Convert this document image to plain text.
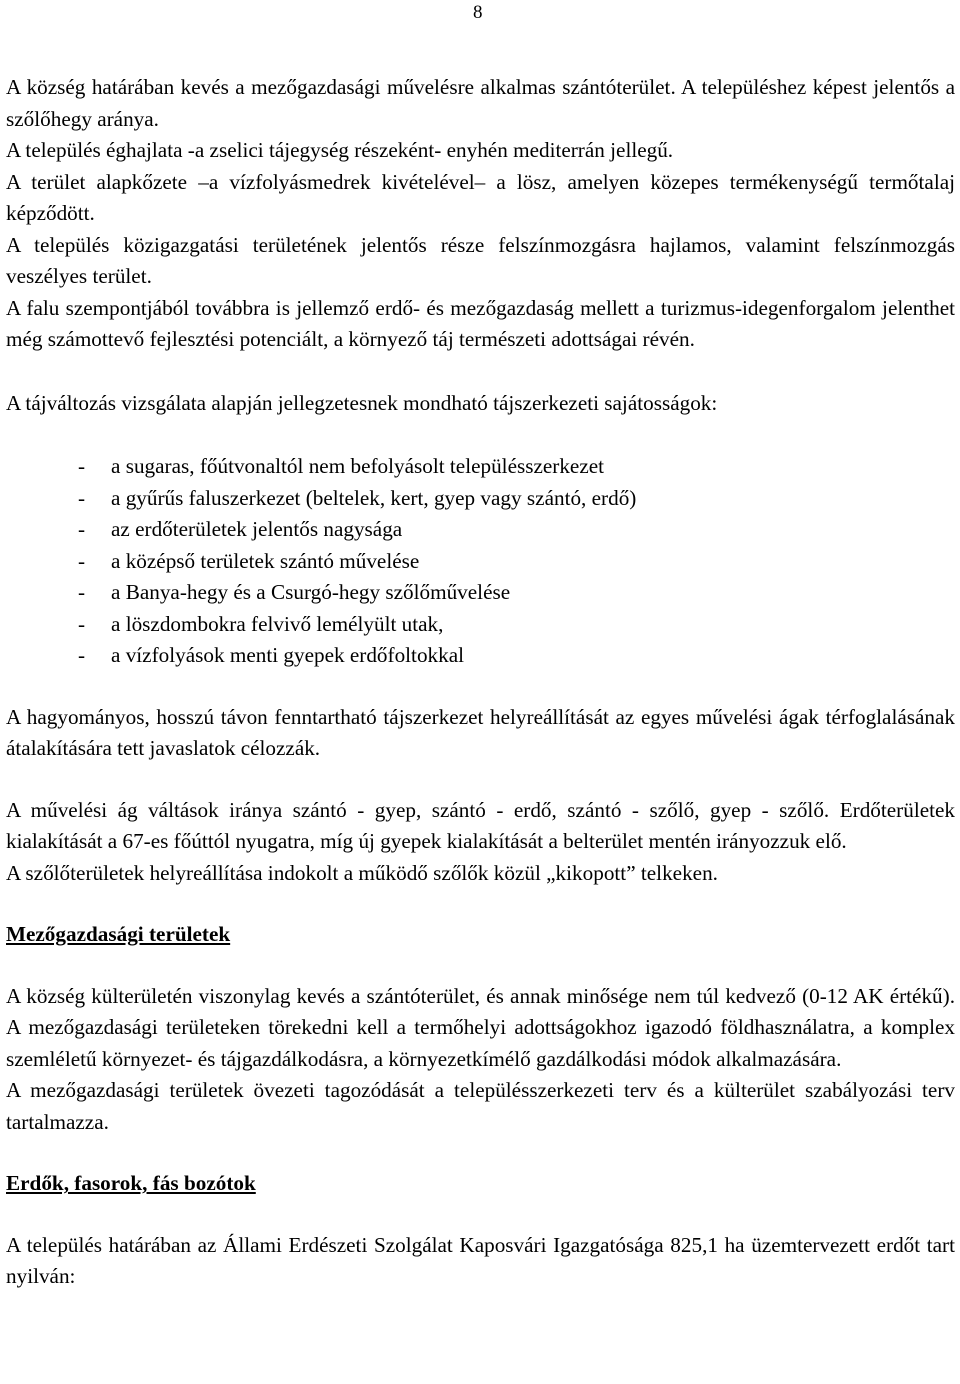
8

A község határában kevés a mezőgazdasági művelésre alkalmas szántóterület. A településhez képest jelentős a szőlőhegy aránya.

A település éghajlata -a zselici tájegység részeként- enyhén mediterrán jellegű.

A terület alapkőzete –a vízfolyásmedrek kivételével– a lösz, amelyen közepes termékenységű termőtalaj képződött.

A település közigazgatási területének jelentős része felszínmozgásra hajlamos, valamint felszínmozgás veszélyes terület.

A falu szempontjából továbbra is jellemző erdő- és mezőgazdaság mellett a turizmus-idegenforgalom jelenthet még számottevő fejlesztési potenciált, a környező táj természeti adottságai révén.

A tájváltozás vizsgálata alapján jellegzetesnek mondható tájszerkezeti sajátosságok:

- a sugaras, főútvonaltól nem befolyásolt településszerkezet
- a gyűrűs faluszerkezet (beltelek, kert, gyep vagy szántó, erdő)
- az erdőterületek jelentős nagysága
- a középső területek szántó művelése
- a Banya-hegy és a Csurgó-hegy szőlőművelése
- a löszdombokra felvivő lemélyült utak,
- a vízfolyások menti gyepek erdőfoltokkal

A hagyományos, hosszú távon fenntartható tájszerkezet helyreállítását az egyes művelési ágak térfoglalásának átalakítására tett javaslatok célozzák.

A művelési ág váltások iránya szántó - gyep, szántó - erdő, szántó - szőlő, gyep - szőlő. Erdőterületek kialakítását a 67-es főúttól nyugatra, míg új gyepek kialakítását a belterület mentén irányozzuk elő.

A szőlőterületek helyreállítása indokolt a működő szőlők közül „kikopott” telkeken.

Mezőgazdasági területek

A község külterületén viszonylag kevés a szántóterület, és annak minősége nem túl kedvező (0-12 AK értékű). A mezőgazdasági területeken törekedni kell a termőhelyi adottságokhoz igazodó földhasználatra, a komplex szemléletű környezet- és tájgazdálkodásra, a környezetkímélő gazdálkodási módok alkalmazására.

A mezőgazdasági területek övezeti tagozódását a településszerkezeti terv és a külterület szabályozási terv tartalmazza.

Erdők, fasorok, fás bozótok

A település határában az Állami Erdészeti Szolgálat Kaposvári Igazgatósága 825,1 ha üzemtervezett erdőt tart nyilván:
